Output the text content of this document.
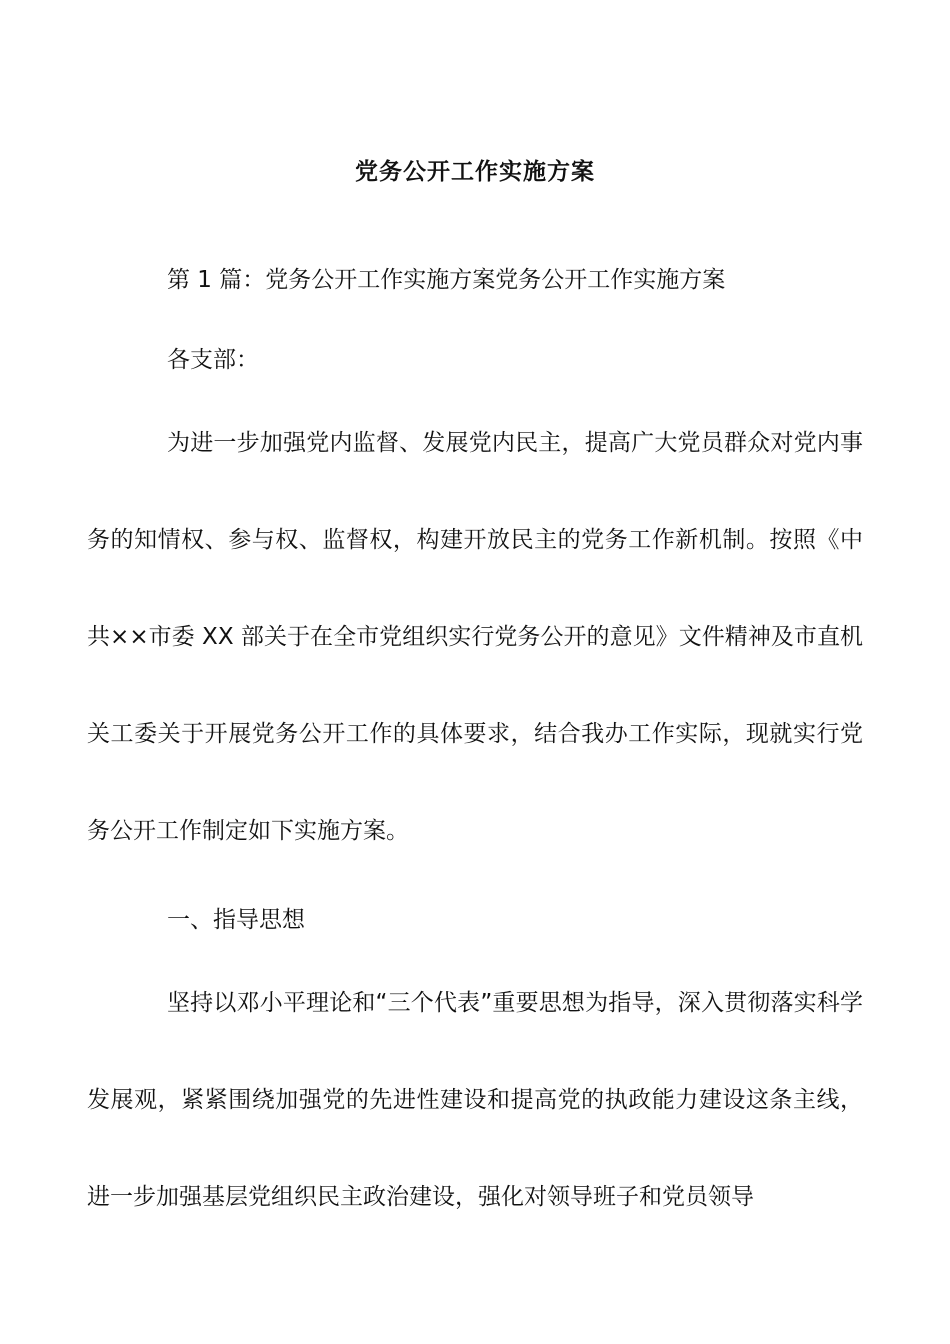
党务公开工作实施方案

第 1 篇：党务公开工作实施方案党务公开工作实施方案

各支部：

为进一步加强党内监督、发展党内民主，提高广大党员群众对党内事务的知情权、参与权、监督权，构建开放民主的党务工作新机制。按照《中共××市委 XX 部关于在全市党组织实行党务公开的意见》文件精神及市直机关工委关于开展党务公开工作的具体要求，结合我办工作实际，现就实行党务公开工作制定如下实施方案。

一、指导思想

坚持以邓小平理论和“三个代表”重要思想为指导，深入贯彻落实科学发展观，紧紧围绕加强党的先进性建设和提高党的执政能力建设这条主线，进一步加强基层党组织民主政治建设，强化对领导班子和党员领导
